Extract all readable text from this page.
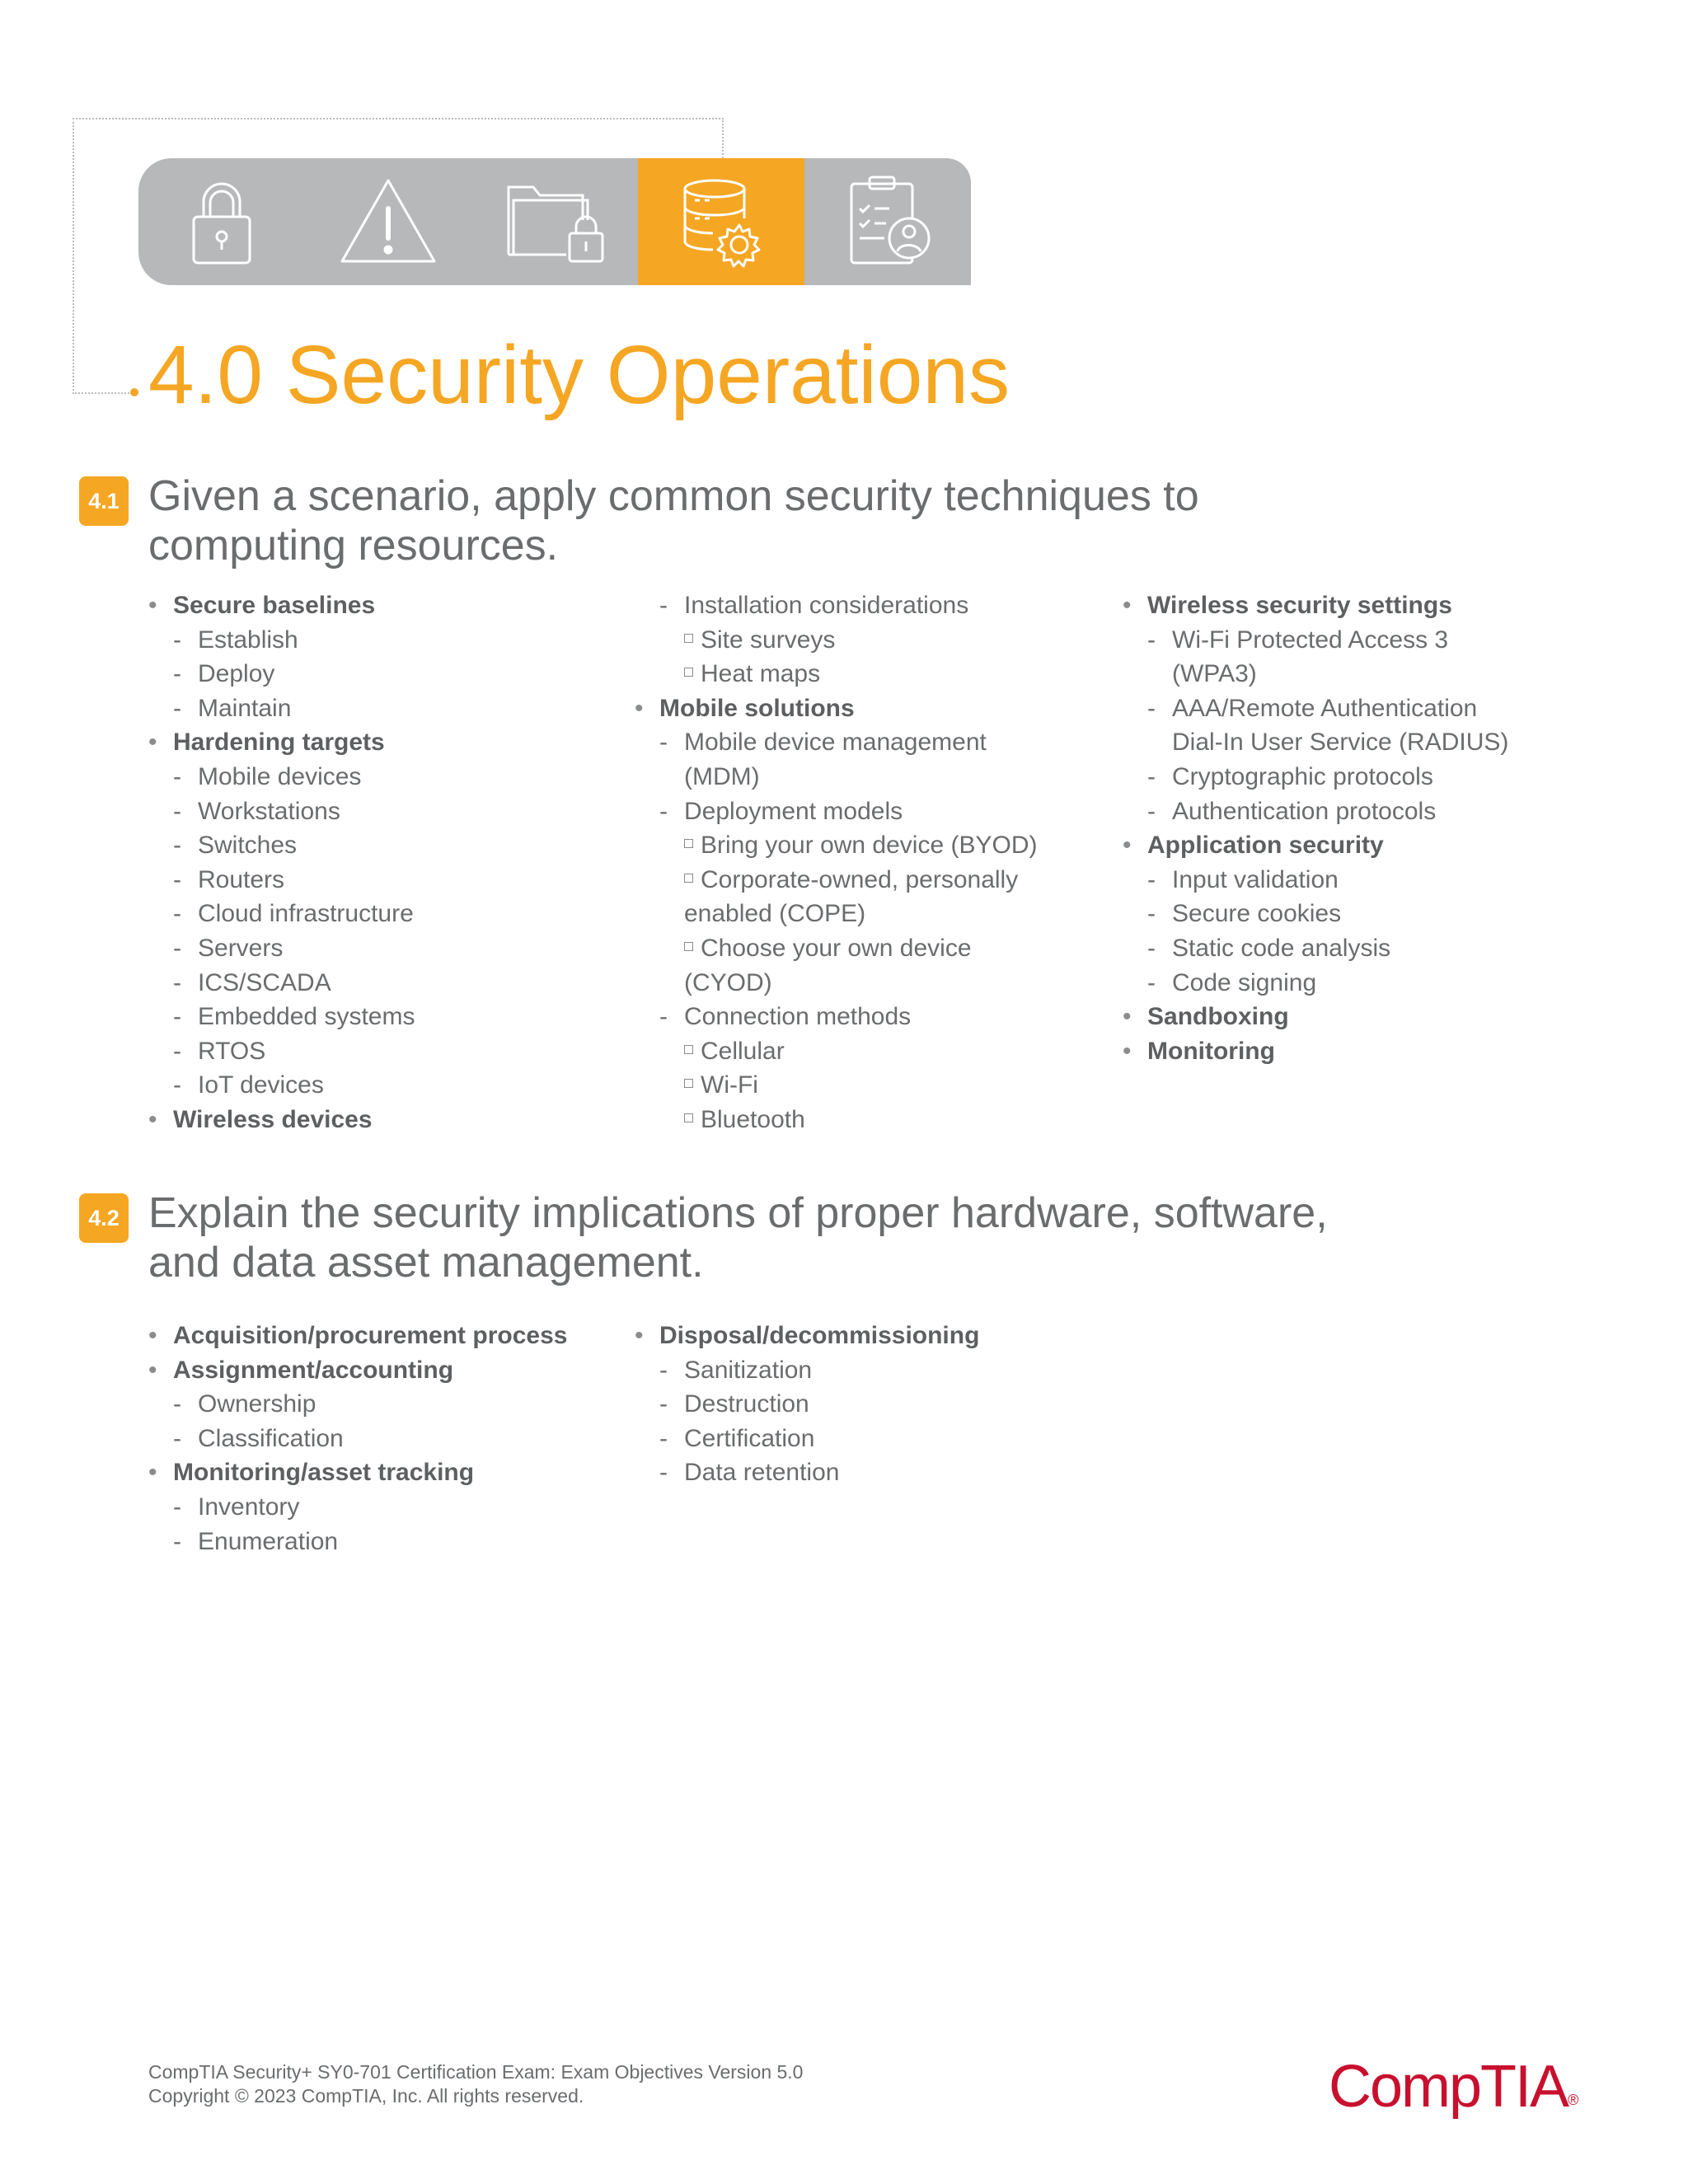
4.0 Security Operations
4.1 Given a scenario, apply common security techniques to
computing resources.
• Secure baselines
- Establish
- Deploy
- Maintain
• Hardening targets
- Mobile devices
- Workstations
- Switches
- Routers
- Cloud infrastructure
- Servers
- ICS/SCADA
- Embedded systems
- RTOS
- IoT devices
• Wireless devices
- Installation considerations
Site surveys
Heat maps
• Mobile solutions
- Mobile device management
(MDM)
- Deployment models
Bring your own device (BYOD)
Corporate-owned, personally
enabled (COPE)
Choose your own device
(CYOD)
- Connection methods
Cellular
Wi-Fi
Bluetooth
• Wireless security settings
- Wi-Fi Protected Access 3
(WPA3)
- AAA/Remote Authentication
Dial-In User Service (RADIUS)
- Cryptographic protocols
- Authentication protocols
• Application security
- Input validation
- Secure cookies
- Static code analysis
- Code signing
• Sandboxing
• Monitoring
4.2 Explain the security implications of proper hardware, software,
and data asset management.
• Acquisition/procurement process
• Assignment/accounting
- Ownership
- Classification
• Monitoring/asset tracking
- Inventory
- Enumeration
• Disposal/decommissioning
- Sanitization
- Destruction
- Certification
- Data retention
CompTIA Security+ SY0-701 Certification Exam: Exam Objectives Version 5.0
Copyright © 2023 CompTIA, Inc. All rights reserved.	CompTIA®
